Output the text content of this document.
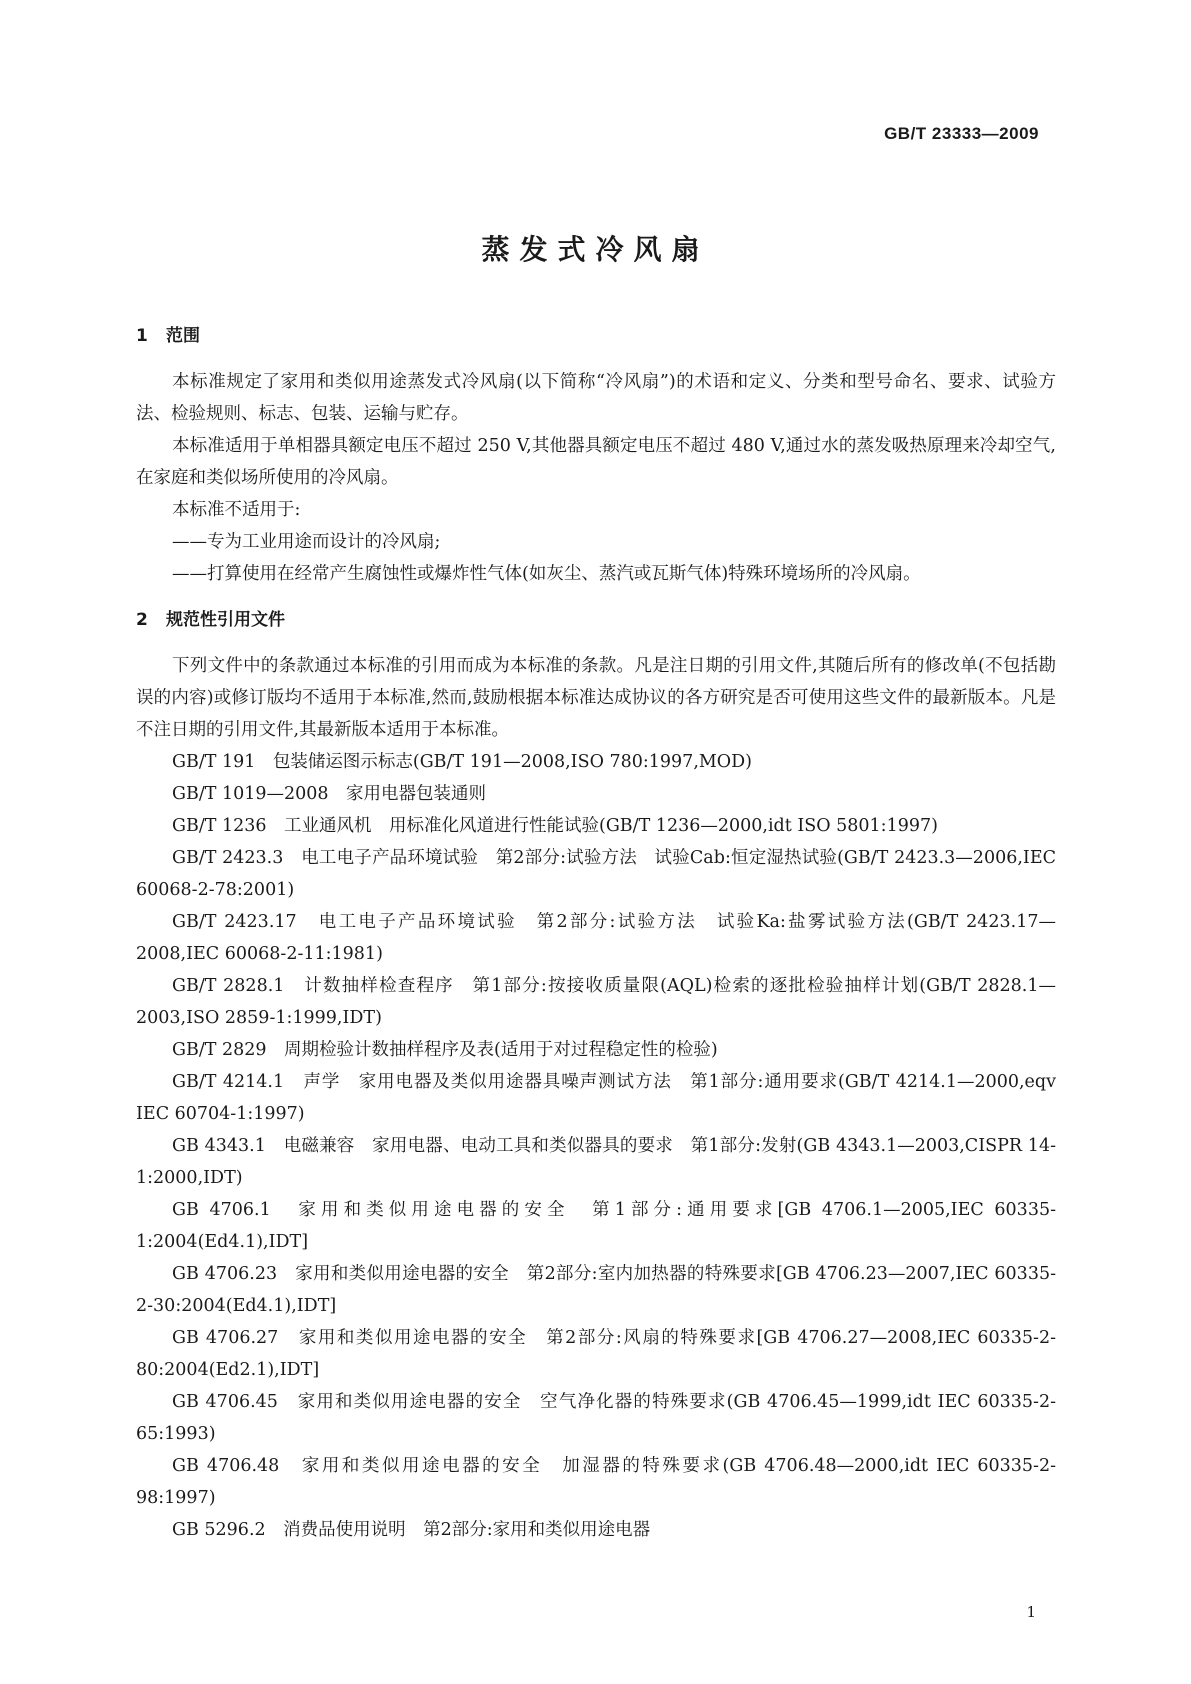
GB/T 23333—2009
蒸发式冷风扇
1 范围

本标准规定了家用和类似用途蒸发式冷风扇(以下简称“冷风扇”)的术语和定义、分类和型号命名、要求、试验方法、检验规则、标志、包装、运输与贮存。

本标准适用于单相器具额定电压不超过 250 V,其他器具额定电压不超过 480 V,通过水的蒸发吸热原理来冷却空气,在家庭和类似场所使用的冷风扇。

本标准不适用于:

——专为工业用途而设计的冷风扇;

——打算使用在经常产生腐蚀性或爆炸性气体(如灰尘、蒸汽或瓦斯气体)特殊环境场所的冷风扇。

2 规范性引用文件

下列文件中的条款通过本标准的引用而成为本标准的条款。凡是注日期的引用文件,其随后所有的修改单(不包括勘误的内容)或修订版均不适用于本标准,然而,鼓励根据本标准达成协议的各方研究是否可使用这些文件的最新版本。凡是不注日期的引用文件,其最新版本适用于本标准。

GB/T 191　包装储运图示标志(GB/T 191—2008,ISO 780:1997,MOD)

GB/T 1019—2008　家用电器包装通则

GB/T 1236　工业通风机　用标准化风道进行性能试验(GB/T 1236—2000,idt ISO 5801:1997)

GB/T 2423.3　电工电子产品环境试验　第2部分:试验方法　试验Cab:恒定湿热试验(GB/T 2423.3—2006,IEC 60068-2-78:2001)

GB/T 2423.17　电工电子产品环境试验　第2部分:试验方法　试验Ka:盐雾试验方法(GB/T 2423.17—2008,IEC 60068-2-11:1981)

GB/T 2828.1　计数抽样检查程序　第1部分:按接收质量限(AQL)检索的逐批检验抽样计划(GB/T 2828.1—2003,ISO 2859-1:1999,IDT)

GB/T 2829　周期检验计数抽样程序及表(适用于对过程稳定性的检验)

GB/T 4214.1　声学　家用电器及类似用途器具噪声测试方法　第1部分:通用要求(GB/T 4214.1—2000,eqv IEC 60704-1:1997)

GB 4343.1　电磁兼容　家用电器、电动工具和类似器具的要求　第1部分:发射(GB 4343.1—2003,CISPR 14-1:2000,IDT)

GB 4706.1　家用和类似用途电器的安全　第1部分:通用要求[GB 4706.1—2005,IEC 60335-1:2004(Ed4.1),IDT]

GB 4706.23　家用和类似用途电器的安全　第2部分:室内加热器的特殊要求[GB 4706.23—2007,IEC 60335-2-30:2004(Ed4.1),IDT]

GB 4706.27　家用和类似用途电器的安全　第2部分:风扇的特殊要求[GB 4706.27—2008,IEC 60335-2-80:2004(Ed2.1),IDT]

GB 4706.45　家用和类似用途电器的安全　空气净化器的特殊要求(GB 4706.45—1999,idt IEC 60335-2-65:1993)

GB 4706.48　家用和类似用途电器的安全　加湿器的特殊要求(GB 4706.48—2000,idt IEC 60335-2-98:1997)

GB 5296.2　消费品使用说明　第2部分:家用和类似用途电器

1
